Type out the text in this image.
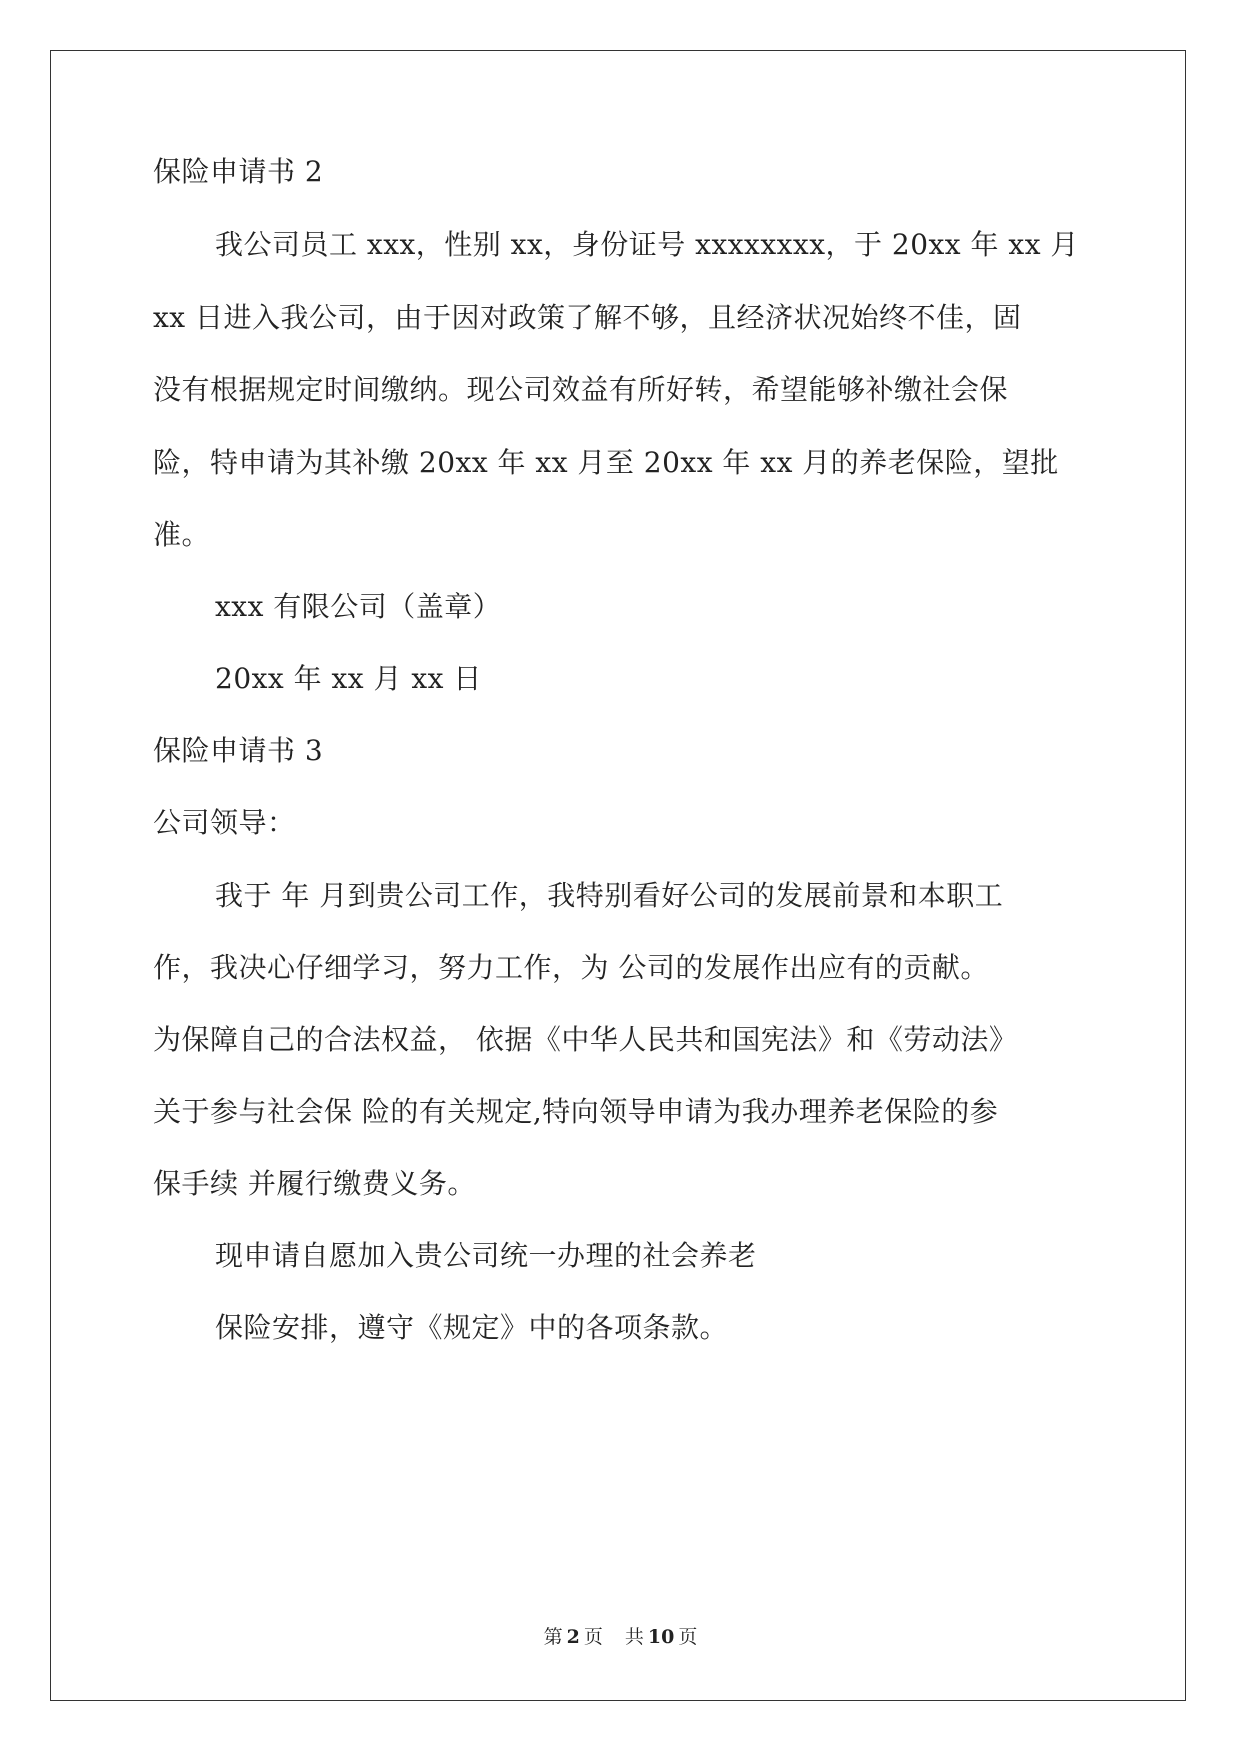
保险申请书 2
我公司员工 xxx，性别 xx，身份证号 xxxxxxxx，于 20xx 年 xx 月
xx 日进入我公司，由于因对政策了解不够，且经济状况始终不佳，固
没有根据规定时间缴纳。现公司效益有所好转，希望能够补缴社会保
险，特申请为其补缴 20xx 年 xx 月至 20xx 年 xx 月的养老保险，望批
准。
xxx 有限公司（盖章）
20xx 年 xx 月 xx 日
保险申请书 3
公司领导：
我于 年 月到贵公司工作，我特别看好公司的发展前景和本职工
作，我决心仔细学习，努力工作，为 公司的发展作出应有的贡献。
为保障自己的合法权益， 依据《中华人民共和国宪法》和《劳动法》
关于参与社会保 险的有关规定,特向领导申请为我办理养老保险的参
保手续 并履行缴费义务。
现申请自愿加入贵公司统一办理的社会养老
保险安排，遵守《规定》中的各项条款。
第 2 页 共 10 页
